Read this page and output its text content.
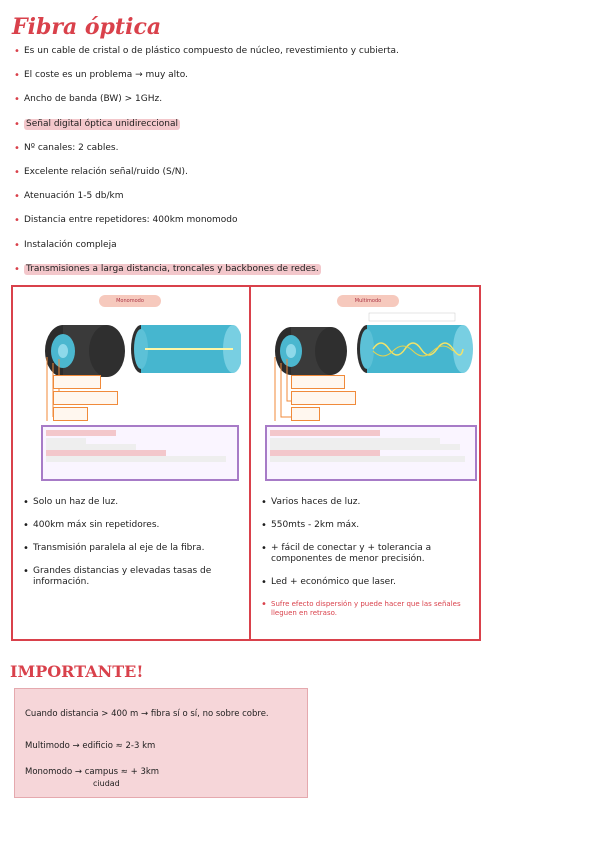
Fibra óptica
• Es un cable de cristal o de plástico compuesto de núcleo, revestimiento y cubierta.
• El coste es un problema → muy alto.
• Ancho de banda (BW) > 1GHz.
• Señal digital óptica unidireccional
• Nº canales: 2 cables.
• Excelente relación señal/ruido (S/N).
• Atenuación 1-5 db/km
• Distancia entre repetidores: 400km monomodo
• Instalación compleja
• Transmisiones a larga distancia, troncales y backbones de redes.
Monomodo

• Solo un haz de luz.
• 400km máx sin repetidores.
• Transmisión paralela al eje de la fibra.
• Grandes distancias y elevadas tasas de información.
Multimodo

• Varios haces de luz.
• 550mts - 2km máx.
• + fácil de conectar y + tolerancia a componentes de menor precisión.
• Led + económico que laser.
• Sufre efecto dispersión y puede hacer que las señales lleguen en retraso.
IMPORTANTE!
Cuando distancia > 400 m → fibra sí o sí, no sobre cobre.
Multimodo → edificio ≈ 2-3 km
Monomodo → campus ≈ + 3km
ciudad
